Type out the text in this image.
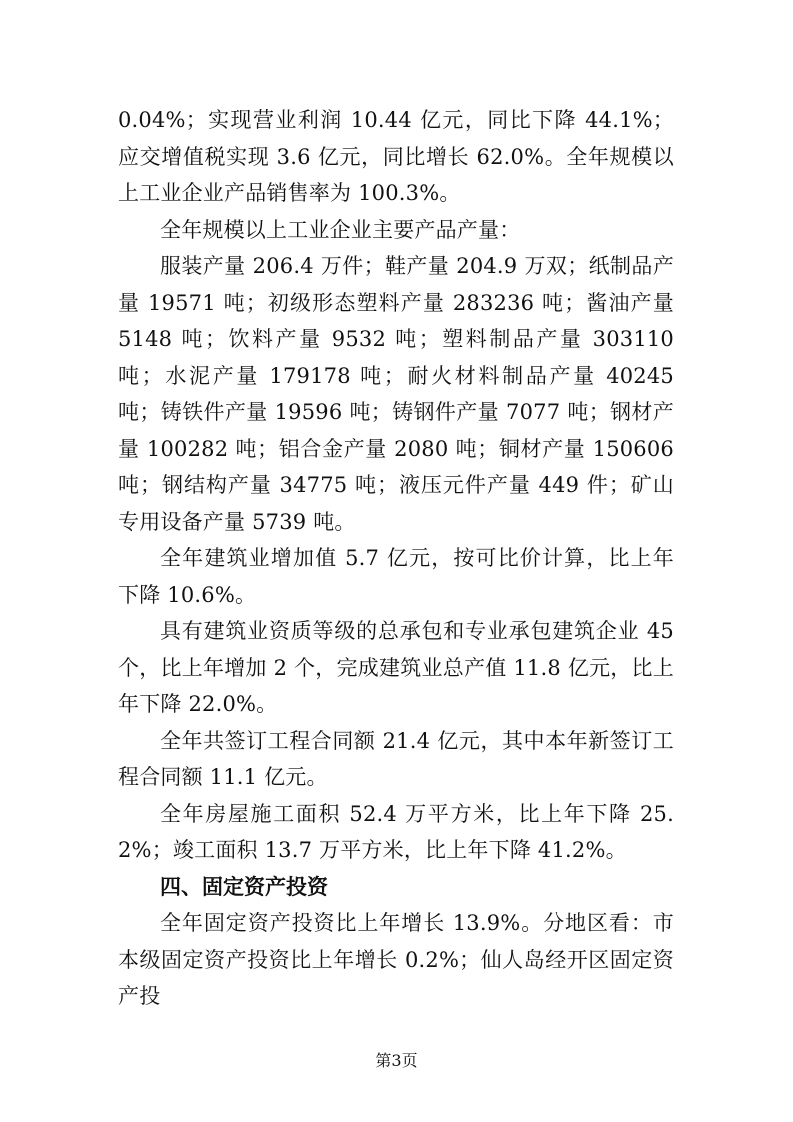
0.04%；实现营业利润 10.44 亿元，同比下降 44.1%；应交增值税实现 3.6 亿元，同比增长 62.0%。全年规模以上工业企业产品销售率为 100.3%。

全年规模以上工业企业主要产品产量：

服装产量 206.4 万件；鞋产量 204.9 万双；纸制品产量 19571 吨；初级形态塑料产量 283236 吨；酱油产量 5148 吨；饮料产量 9532 吨；塑料制品产量 303110 吨；水泥产量 179178 吨；耐火材料制品产量 40245 吨；铸铁件产量 19596 吨；铸钢件产量 7077 吨；钢材产量 100282 吨；铝合金产量 2080 吨；铜材产量 150606 吨；钢结构产量 34775 吨；液压元件产量 449 件；矿山专用设备产量 5739 吨。

全年建筑业增加值 5.7 亿元，按可比价计算，比上年下降 10.6%。

具有建筑业资质等级的总承包和专业承包建筑企业 45 个，比上年增加 2 个，完成建筑业总产值 11.8 亿元，比上年下降 22.0%。

全年共签订工程合同额 21.4 亿元，其中本年新签订工程合同额 11.1 亿元。

全年房屋施工面积 52.4 万平方米，比上年下降 25.2%；竣工面积 13.7 万平方米，比上年下降 41.2%。

四、固定资产投资

全年固定资产投资比上年增长 13.9%。分地区看：市本级固定资产投资比上年增长 0.2%；仙人岛经开区固定资产投

第3页
